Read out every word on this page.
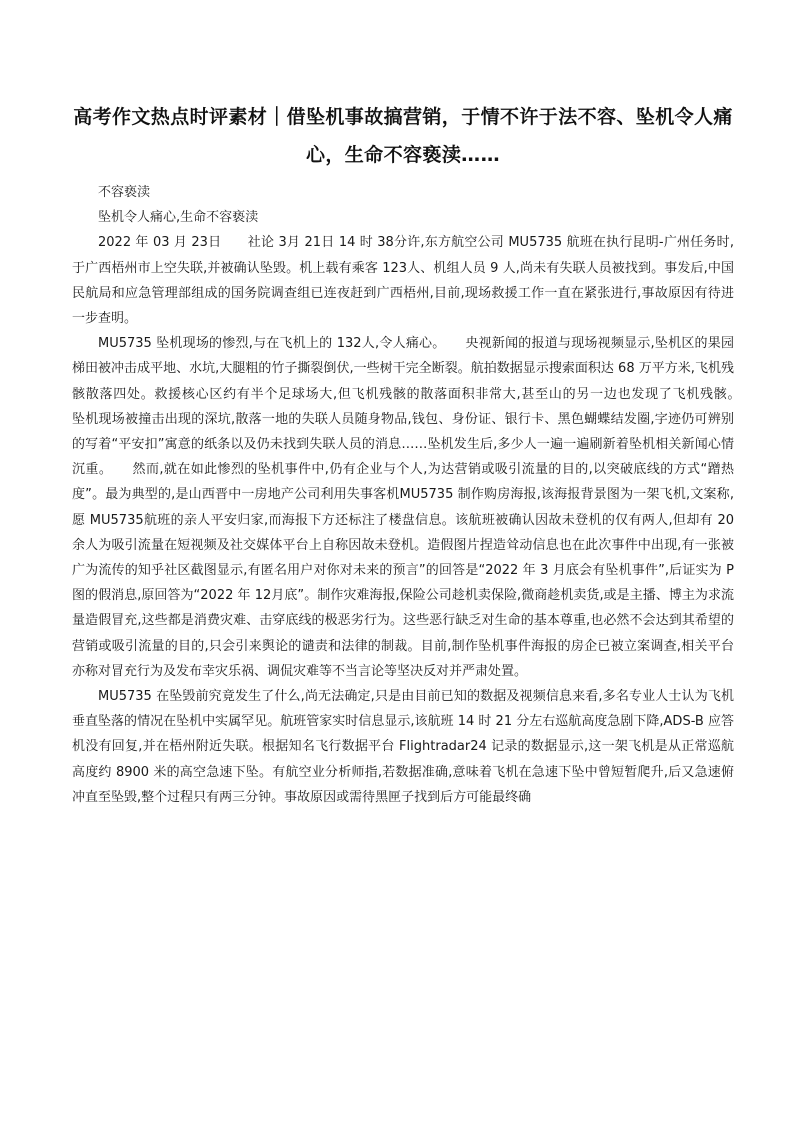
高考作文热点时评素材｜借坠机事故搞营销，于情不许于法不容、坠机令人痛心，生命不容亵渎……

不容亵渎

坠机令人痛心,生命不容亵渎

2022 年 03 月 23日　　社论 3月 21日 14 时 38分许,东方航空公司 MU5735 航班在执行昆明-广州任务时,于广西梧州市上空失联,并被确认坠毁。机上载有乘客 123人、机组人员 9 人,尚未有失联人员被找到。事发后,中国民航局和应急管理部组成的国务院调查组已连夜赶到广西梧州,目前,现场救援工作一直在紧张进行,事故原因有待进一步查明。

MU5735 坠机现场的惨烈,与在飞机上的 132人,令人痛心。　　央视新闻的报道与现场视频显示,坠机区的果园梯田被冲击成平地、水坑,大腿粗的竹子撕裂倒伏,一些树干完全断裂。航拍数据显示搜索面积达 68 万平方米,飞机残骸散落四处。救援核心区约有半个足球场大,但飞机残骸的散落面积非常大,甚至山的另一边也发现了飞机残骸。　　坠机现场被撞击出现的深坑,散落一地的失联人员随身物品,钱包、身份证、银行卡、黑色蝴蝶结发圈,字迹仍可辨别的写着“平安扣”寓意的纸条以及仍未找到失联人员的消息……坠机发生后,多少人一遍一遍刷新着坠机相关新闻心情沉重。　　然而,就在如此惨烈的坠机事件中,仍有企业与个人,为达营销或吸引流量的目的,以突破底线的方式“蹭热度”。最为典型的,是山西晋中一房地产公司利用失事客机MU5735 制作购房海报,该海报背景图为一架飞机,文案称,愿 MU5735航班的亲人平安归家,而海报下方还标注了楼盘信息。该航班被确认因故未登机的仅有两人,但却有 20 余人为吸引流量在短视频及社交媒体平台上自称因故未登机。造假图片捏造耸动信息也在此次事件中出现,有一张被广为流传的知乎社区截图显示,有匿名用户对你对未来的预言”的回答是“2022 年 3 月底会有坠机事件”,后证实为 P 图的假消息,原回答为“2022 年 12月底”。制作灾难海报,保险公司趁机卖保险,微商趁机卖货,或是主播、博主为求流量造假冒充,这些都是消费灾难、击穿底线的极恶劣行为。这些恶行缺乏对生命的基本尊重,也必然不会达到其希望的营销或吸引流量的目的,只会引来舆论的谴责和法律的制裁。目前,制作坠机事件海报的房企已被立案调查,相关平台亦称对冒充行为及发布幸灾乐祸、调侃灾难等不当言论等坚决反对并严肃处置。

MU5735 在坠毁前究竟发生了什么,尚无法确定,只是由目前已知的数据及视频信息来看,多名专业人士认为飞机垂直坠落的情况在坠机中实属罕见。航班管家实时信息显示,该航班 14 时 21 分左右巡航高度急剧下降,ADS-B 应答机没有回复,并在梧州附近失联。根据知名飞行数据平台 Flightradar24 记录的数据显示,这一架飞机是从正常巡航高度约 8900 米的高空急速下坠。有航空业分析师指,若数据准确,意味着飞机在急速下坠中曾短暂爬升,后又急速俯冲直至坠毁,整个过程只有两三分钟。事故原因或需待黑匣子找到后方可能最终确
